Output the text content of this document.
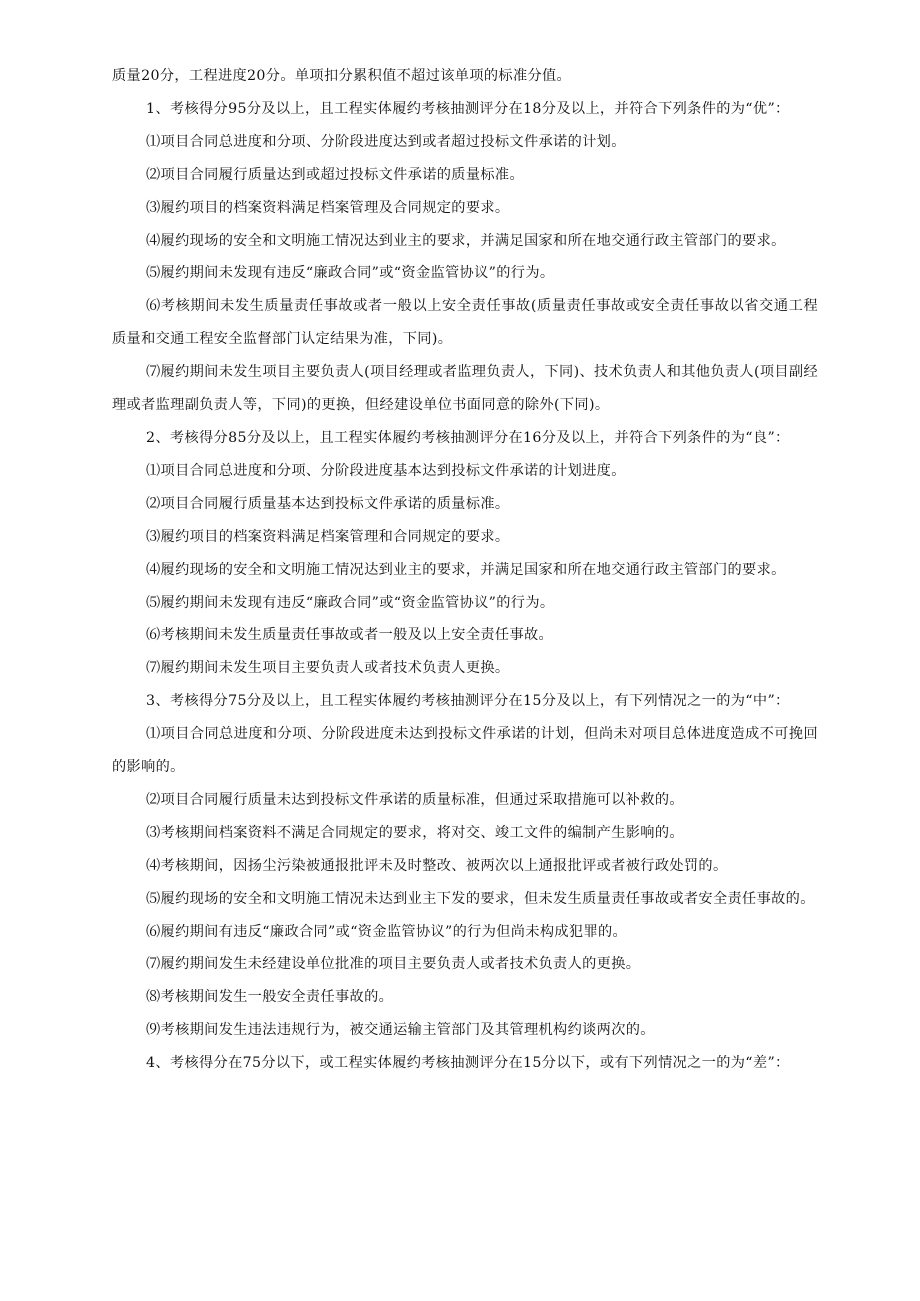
质量20分，工程进度20分。单项扣分累积值不超过该单项的标准分值。

1、考核得分95分及以上，且工程实体履约考核抽测评分在18分及以上，并符合下列条件的为“优”：

⑴项目合同总进度和分项、分阶段进度达到或者超过投标文件承诺的计划。

⑵项目合同履行质量达到或超过投标文件承诺的质量标准。

⑶履约项目的档案资料满足档案管理及合同规定的要求。

⑷履约现场的安全和文明施工情况达到业主的要求，并满足国家和所在地交通行政主管部门的要求。

⑸履约期间未发现有违反“廉政合同”或“资金监管协议”的行为。

⑹考核期间未发生质量责任事故或者一般以上安全责任事故(质量责任事故或安全责任事故以省交通工程质量和交通工程安全监督部门认定结果为准，下同)。

⑺履约期间未发生项目主要负责人(项目经理或者监理负责人，下同)、技术负责人和其他负责人(项目副经理或者监理副负责人等，下同)的更换，但经建设单位书面同意的除外(下同)。

2、考核得分85分及以上，且工程实体履约考核抽测评分在16分及以上，并符合下列条件的为“良”：

⑴项目合同总进度和分项、分阶段进度基本达到投标文件承诺的计划进度。

⑵项目合同履行质量基本达到投标文件承诺的质量标准。

⑶履约项目的档案资料满足档案管理和合同规定的要求。

⑷履约现场的安全和文明施工情况达到业主的要求，并满足国家和所在地交通行政主管部门的要求。

⑸履约期间未发现有违反“廉政合同”或“资金监管协议”的行为。

⑹考核期间未发生质量责任事故或者一般及以上安全责任事故。

⑺履约期间未发生项目主要负责人或者技术负责人更换。

3、考核得分75分及以上，且工程实体履约考核抽测评分在15分及以上，有下列情况之一的为“中”：

⑴项目合同总进度和分项、分阶段进度未达到投标文件承诺的计划，但尚未对项目总体进度造成不可挽回的影响的。

⑵项目合同履行质量未达到投标文件承诺的质量标准，但通过采取措施可以补救的。

⑶考核期间档案资料不满足合同规定的要求，将对交、竣工文件的编制产生影响的。

⑷考核期间，因扬尘污染被通报批评未及时整改、被两次以上通报批评或者被行政处罚的。

⑸履约现场的安全和文明施工情况未达到业主下发的要求，但未发生质量责任事故或者安全责任事故的。

⑹履约期间有违反“廉政合同”或“资金监管协议”的行为但尚未构成犯罪的。

⑺履约期间发生未经建设单位批准的项目主要负责人或者技术负责人的更换。

⑻考核期间发生一般安全责任事故的。

⑼考核期间发生违法违规行为，被交通运输主管部门及其管理机构约谈两次的。

4、考核得分在75分以下，或工程实体履约考核抽测评分在15分以下，或有下列情况之一的为“差”：
